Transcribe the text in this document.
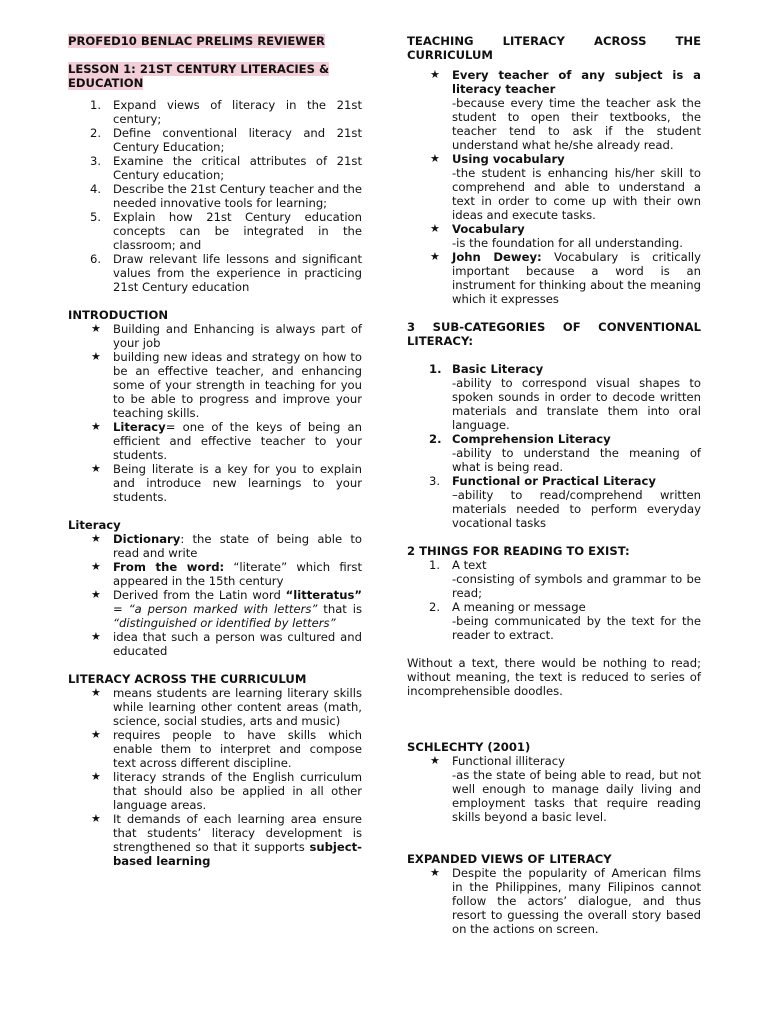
PROFED10 BENLAC PRELIMS REVIEWER
LESSON 1: 21ST CENTURY LITERACIES & EDUCATION
1. Expand views of literacy in the 21st century;
2. Define conventional literacy and 21st Century Education;
3. Examine the critical attributes of 21st Century education;
4. Describe the 21st Century teacher and the needed innovative tools for learning;
5. Explain how 21st Century education concepts can be integrated in the classroom; and
6. Draw relevant life lessons and significant values from the experience in practicing 21st Century education
INTRODUCTION
★ Building and Enhancing is always part of your job
★ building new ideas and strategy on how to be an effective teacher, and enhancing some of your strength in teaching for you to be able to progress and improve your teaching skills.
★ Literacy= one of the keys of being an efficient and effective teacher to your students.
★ Being literate is a key for you to explain and introduce new learnings to your students.
Literacy
★ Dictionary: the state of being able to read and write
★ From the word: “literate” which first appeared in the 15th century
★ Derived from the Latin word “litteratus” = “a person marked with letters” that is “distinguished or identified by letters”
★ idea that such a person was cultured and educated
LITERACY ACROSS THE CURRICULUM
★ means students are learning literary skills while learning other content areas (math, science, social studies, arts and music)
★ requires people to have skills which enable them to interpret and compose text across different discipline.
★ literacy strands of the English curriculum that should also be applied in all other language areas.
★ It demands of each learning area ensure that students’ literacy development is strengthened so that it supports subject-based learning
TEACHING LITERACY ACROSS THE CURRICULUM
★ Every teacher of any subject is a literacy teacher
-because every time the teacher ask the student to open their textbooks, the teacher tend to ask if the student understand what he/she already read.
★ Using vocabulary
-the student is enhancing his/her skill to comprehend and able to understand a text in order to come up with their own ideas and execute tasks.
★ Vocabulary
-is the foundation for all understanding.
★ John Dewey: Vocabulary is critically important because a word is an instrument for thinking about the meaning which it expresses
3 SUB-CATEGORIES OF CONVENTIONAL LITERACY:
1. Basic Literacy
-ability to correspond visual shapes to spoken sounds in order to decode written materials and translate them into oral language.
2. Comprehension Literacy
-ability to understand the meaning of what is being read.
3. Functional or Practical Literacy
–ability to read/comprehend written materials needed to perform everyday vocational tasks
2 THINGS FOR READING TO EXIST:
1. A text
-consisting of symbols and grammar to be read;
2. A meaning or message
-being communicated by the text for the reader to extract.
Without a text, there would be nothing to read; without meaning, the text is reduced to series of incomprehensible doodles.
SCHLECHTY (2001)
★ Functional illiteracy
-as the state of being able to read, but not well enough to manage daily living and employment tasks that require reading skills beyond a basic level.
EXPANDED VIEWS OF LITERACY
★ Despite the popularity of American films in the Philippines, many Filipinos cannot follow the actors’ dialogue, and thus resort to guessing the overall story based on the actions on screen.
